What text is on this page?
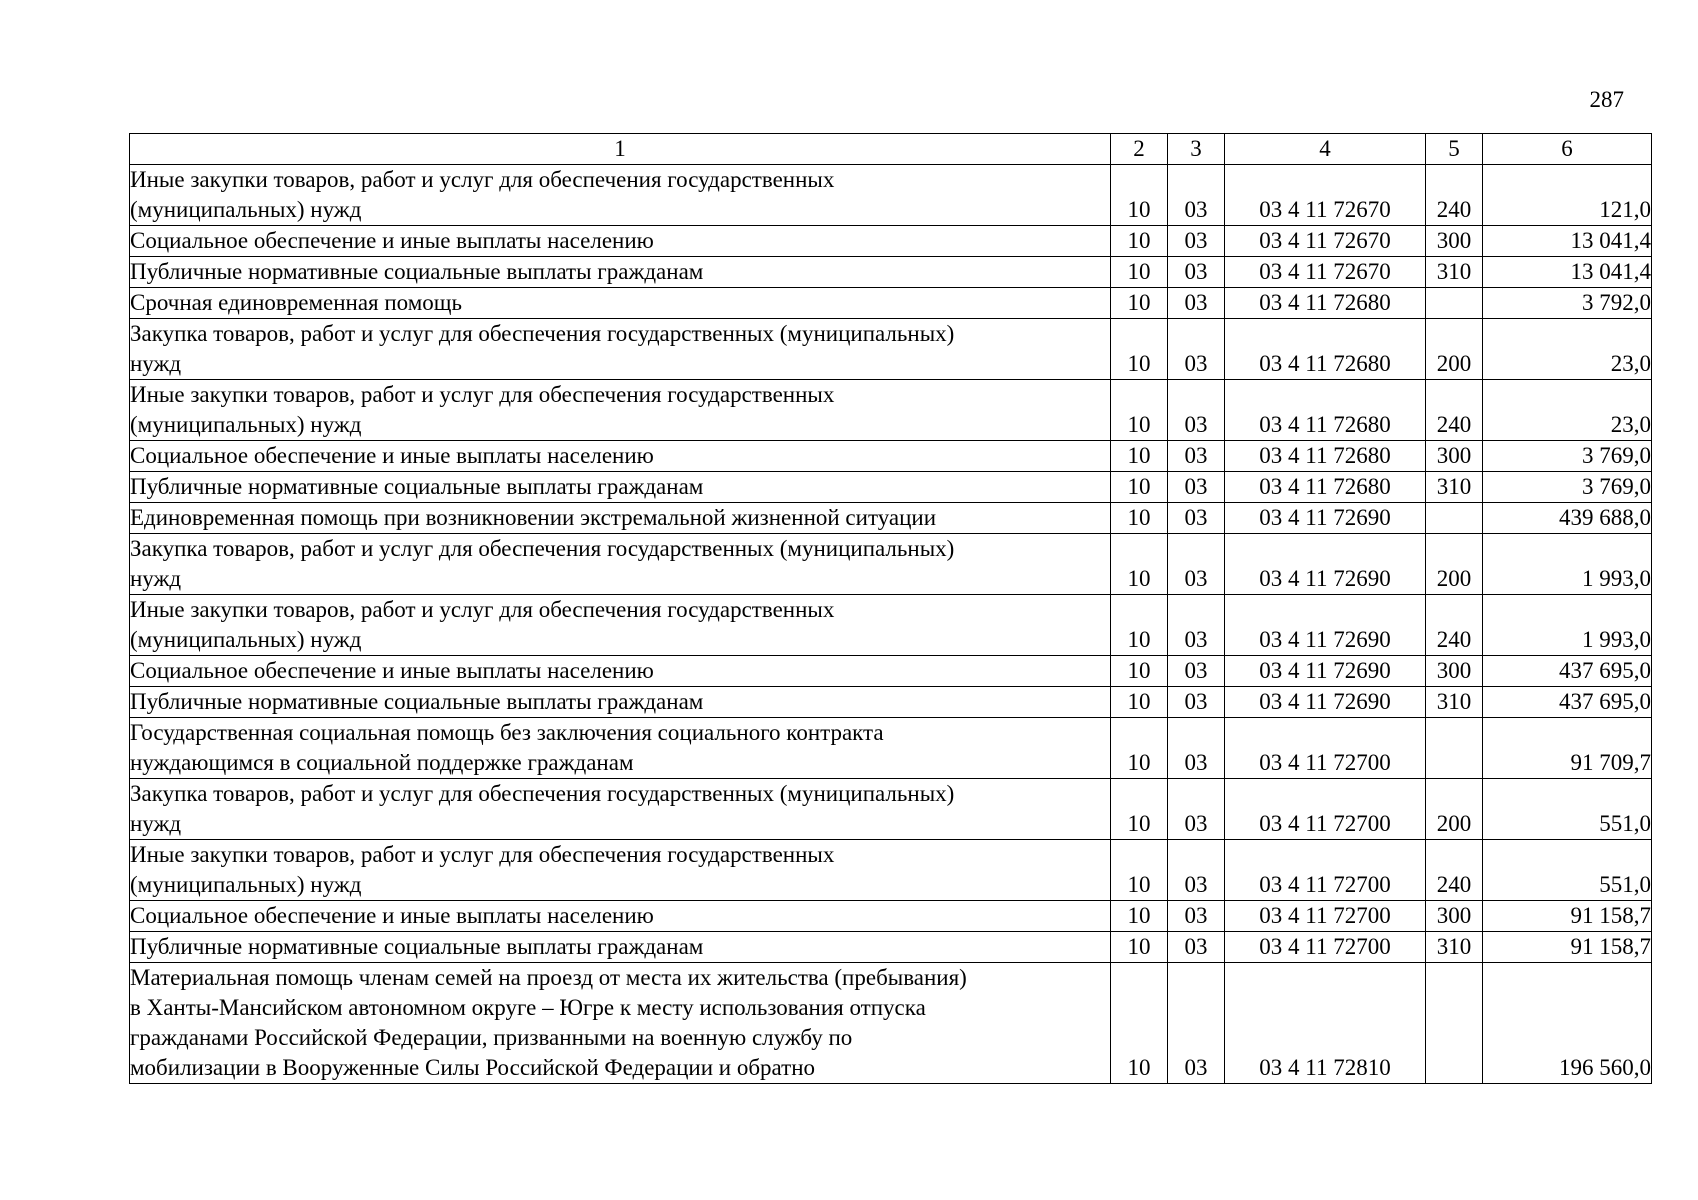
287
1	2	3	4	5	6
Иные закупки товаров, работ и услуг для обеспечения государственных
(муниципальных) нужд	10	03	03 4 11 72670	240	121,0
Социальное обеспечение и иные выплаты населению	10	03	03 4 11 72670	300	13 041,4
Публичные нормативные социальные выплаты гражданам	10	03	03 4 11 72670	310	13 041,4
Срочная единовременная помощь	10	03	03 4 11 72680		3 792,0
Закупка товаров, работ и услуг для обеспечения государственных (муниципальных)
нужд	10	03	03 4 11 72680	200	23,0
Иные закупки товаров, работ и услуг для обеспечения государственных
(муниципальных) нужд	10	03	03 4 11 72680	240	23,0
Социальное обеспечение и иные выплаты населению	10	03	03 4 11 72680	300	3 769,0
Публичные нормативные социальные выплаты гражданам	10	03	03 4 11 72680	310	3 769,0
Единовременная помощь при возникновении экстремальной жизненной ситуации	10	03	03 4 11 72690		439 688,0
Закупка товаров, работ и услуг для обеспечения государственных (муниципальных)
нужд	10	03	03 4 11 72690	200	1 993,0
Иные закупки товаров, работ и услуг для обеспечения государственных
(муниципальных) нужд	10	03	03 4 11 72690	240	1 993,0
Социальное обеспечение и иные выплаты населению	10	03	03 4 11 72690	300	437 695,0
Публичные нормативные социальные выплаты гражданам	10	03	03 4 11 72690	310	437 695,0
Государственная социальная помощь без заключения социального контракта
нуждающимся в социальной поддержке гражданам	10	03	03 4 11 72700		91 709,7
Закупка товаров, работ и услуг для обеспечения государственных (муниципальных)
нужд	10	03	03 4 11 72700	200	551,0
Иные закупки товаров, работ и услуг для обеспечения государственных
(муниципальных) нужд	10	03	03 4 11 72700	240	551,0
Социальное обеспечение и иные выплаты населению	10	03	03 4 11 72700	300	91 158,7
Публичные нормативные социальные выплаты гражданам	10	03	03 4 11 72700	310	91 158,7
Материальная помощь членам семей на проезд от места их жительства (пребывания)
в Ханты-Мансийском автономном округе – Югре к месту использования отпуска
гражданами Российской Федерации, призванными на военную службу по
мобилизации в Вооруженные Силы Российской Федерации и обратно	10	03	03 4 11 72810		196 560,0
